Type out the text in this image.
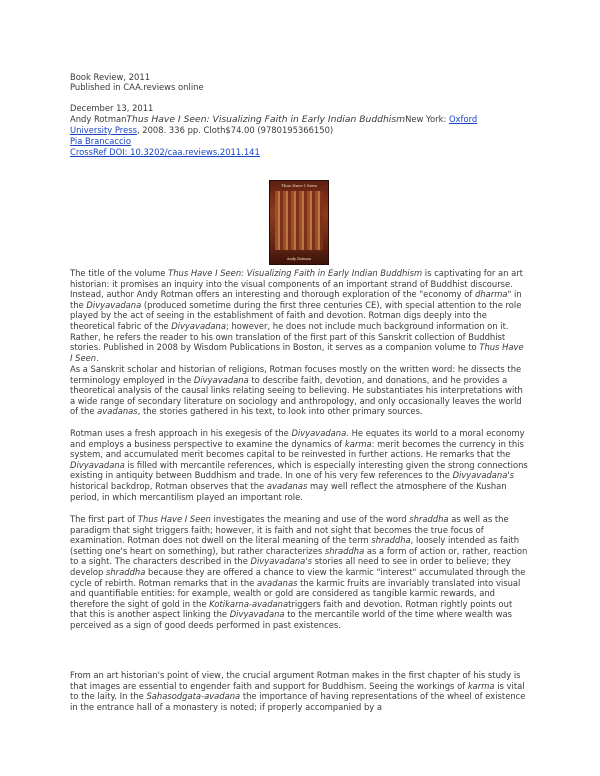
Book Review, 2011
Published in CAA.reviews online
December 13, 2011
Andy RotmanThus Have I Seen: Visualizing Faith in Early Indian BuddhismNew York: Oxford
University Press, 2008. 336 pp. Cloth$74.00 (9780195366150)
Pia Brancaccio
CrossRef DOI: 10.3202/caa.reviews.2011.141
Thus Have I Seen
Andy Rotman

The title of the volume Thus Have I Seen: Visualizing Faith in Early Indian Buddhism is captivating for an art historian: it promises an inquiry into the visual components of an important strand of Buddhist discourse. Instead, author Andy Rotman offers an interesting and thorough exploration of the "economy of dharma" in the Divyavadana (produced sometime during the first three centuries CE), with special attention to the role played by the act of seeing in the establishment of faith and devotion. Rotman digs deeply into the theoretical fabric of the Divyavadana; however, he does not include much background information on it. Rather, he refers the reader to his own translation of the first part of this Sanskrit collection of Buddhist stories. Published in 2008 by Wisdom Publications in Boston, it serves as a companion volume to Thus Have I Seen.

As a Sanskrit scholar and historian of religions, Rotman focuses mostly on the written word: he dissects the terminology employed in the Divyavadana to describe faith, devotion, and donations, and he provides a theoretical analysis of the causal links relating seeing to believing. He substantiates his interpretations with a wide range of secondary literature on sociology and anthropology, and only occasionally leaves the world of the avadanas, the stories gathered in his text, to look into other primary sources.

Rotman uses a fresh approach in his exegesis of the Divyavadana. He equates its world to a moral economy and employs a business perspective to examine the dynamics of karma: merit becomes the currency in this system, and accumulated merit becomes capital to be reinvested in further actions. He remarks that the Divyavadana is filled with mercantile references, which is especially interesting given the strong connections existing in antiquity between Buddhism and trade. In one of his very few references to the Divyavadana's historical backdrop, Rotman observes that the avadanas may well reflect the atmosphere of the Kushan period, in which mercantilism played an important role.

The first part of Thus Have I Seen investigates the meaning and use of the word shraddha as well as the paradigm that sight triggers faith; however, it is faith and not sight that becomes the true focus of examination. Rotman does not dwell on the literal meaning of the term shraddha, loosely intended as faith (setting one's heart on something), but rather characterizes shraddha as a form of action or, rather, reaction to a sight. The characters described in the Divyavadana's stories all need to see in order to believe; they develop shraddha because they are offered a chance to view the karmic "interest" accumulated through the cycle of rebirth. Rotman remarks that in the avadanas the karmic fruits are invariably translated into visual and quantifiable entities: for example, wealth or gold are considered as tangible karmic rewards, and therefore the sight of gold in the Kotikarna-avadanatriggers faith and devotion. Rotman rightly points out that this is another aspect linking the Divyavadana to the mercantile world of the time where wealth was perceived as a sign of good deeds performed in past existences.

From an art historian's point of view, the crucial argument Rotman makes in the first chapter of his study is that images are essential to engender faith and support for Buddhism. Seeing the workings of karma is vital to the laity. In the Sahasodgata-avadana the importance of having representations of the wheel of existence in the entrance hall of a monastery is noted; if properly accompanied by a
